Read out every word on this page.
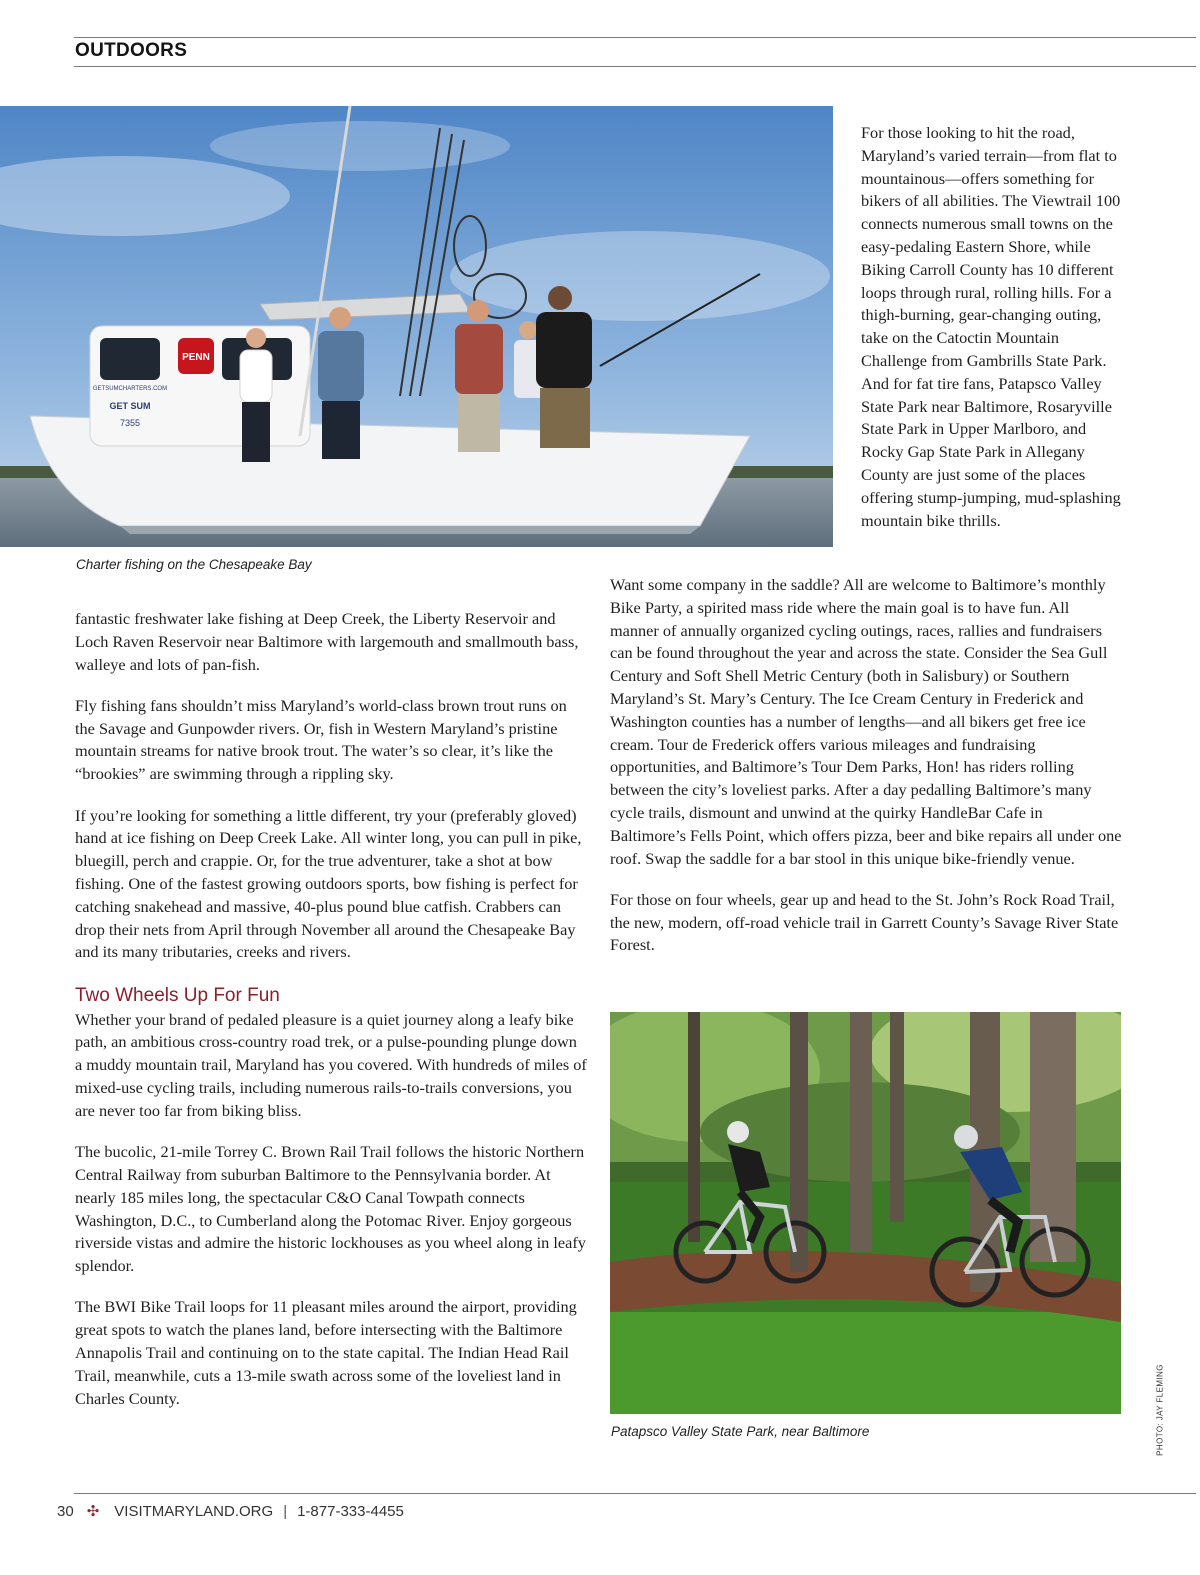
OUTDOORS
PENN
GETSUMCHARTERS.COM
GET SUM
7355

Charter fishing on the Chesapeake Bay

For those looking to hit the road, Maryland’s varied terrain—from flat to mountainous—offers something for bikers of all abilities. The Viewtrail 100 connects numerous small towns on the easy-pedaling Eastern Shore, while Biking Carroll County has 10 different loops through rural, rolling hills. For a thigh-burning, gear-changing outing, take on the Catoctin Mountain Challenge from Gambrills State Park. And for fat tire fans, Patapsco Valley State Park near Baltimore, Rosaryville State Park in Upper Marlboro, and Rocky Gap State Park in Allegany County are just some of the places offering stump-jumping, mud-splashing mountain bike thrills.

fantastic freshwater lake fishing at Deep Creek, the Liberty Reservoir and Loch Raven Reservoir near Baltimore with largemouth and smallmouth bass, walleye and lots of pan-fish.

Fly fishing fans shouldn’t miss Maryland’s world-class brown trout runs on the Savage and Gunpowder rivers. Or, fish in Western Maryland’s pristine mountain streams for native brook trout. The water’s so clear, it’s like the “brookies” are swimming through a rippling sky.

If you’re looking for something a little different, try your (preferably gloved) hand at ice fishing on Deep Creek Lake. All winter long, you can pull in pike, bluegill, perch and crappie. Or, for the true adventurer, take a shot at bow fishing. One of the fastest growing outdoors sports, bow fishing is perfect for catching snakehead and massive, 40-plus pound blue catfish. Crabbers can drop their nets from April through November all around the Chesapeake Bay and its many tributaries, creeks and rivers.

Two Wheels Up For Fun

Whether your brand of pedaled pleasure is a quiet journey along a leafy bike path, an ambitious cross-country road trek, or a pulse-pounding plunge down a muddy mountain trail, Maryland has you covered. With hundreds of miles of mixed-use cycling trails, including numerous rails-to-trails conversions, you are never too far from biking bliss.

The bucolic, 21-mile Torrey C. Brown Rail Trail follows the historic Northern Central Railway from suburban Baltimore to the Pennsylvania border. At nearly 185 miles long, the spectacular C&O Canal Towpath connects Washington, D.C., to Cumberland along the Potomac River. Enjoy gorgeous riverside vistas and admire the historic lockhouses as you wheel along in leafy splendor.

The BWI Bike Trail loops for 11 pleasant miles around the airport, providing great spots to watch the planes land, before intersecting with the Baltimore Annapolis Trail and continuing on to the state capital. The Indian Head Rail Trail, meanwhile, cuts a 13-mile swath across some of the loveliest land in Charles County.

Want some company in the saddle? All are welcome to Baltimore’s monthly Bike Party, a spirited mass ride where the main goal is to have fun. All manner of annually organized cycling outings, races, rallies and fundraisers can be found throughout the year and across the state. Consider the Sea Gull Century and Soft Shell Metric Century (both in Salisbury) or Southern Maryland’s St. Mary’s Century. The Ice Cream Century in Frederick and Washington counties has a number of lengths—and all bikers get free ice cream. Tour de Frederick offers various mileages and fundraising opportunities, and Baltimore’s Tour Dem Parks, Hon! has riders rolling between the city’s loveliest parks. After a day pedalling Baltimore’s many cycle trails, dismount and unwind at the quirky HandleBar Cafe in Baltimore’s Fells Point, which offers pizza, beer and bike repairs all under one roof. Swap the saddle for a bar stool in this unique bike-friendly venue.

For those on four wheels, gear up and head to the St. John’s Rock Road Trail, the new, modern, off-road vehicle trail in Garrett County’s Savage River State Forest.

Patapsco Valley State Park, near Baltimore	PHOTO: JAY FLEMING

30 ✣ VISITMARYLAND.ORG | 1-877-333-4455
